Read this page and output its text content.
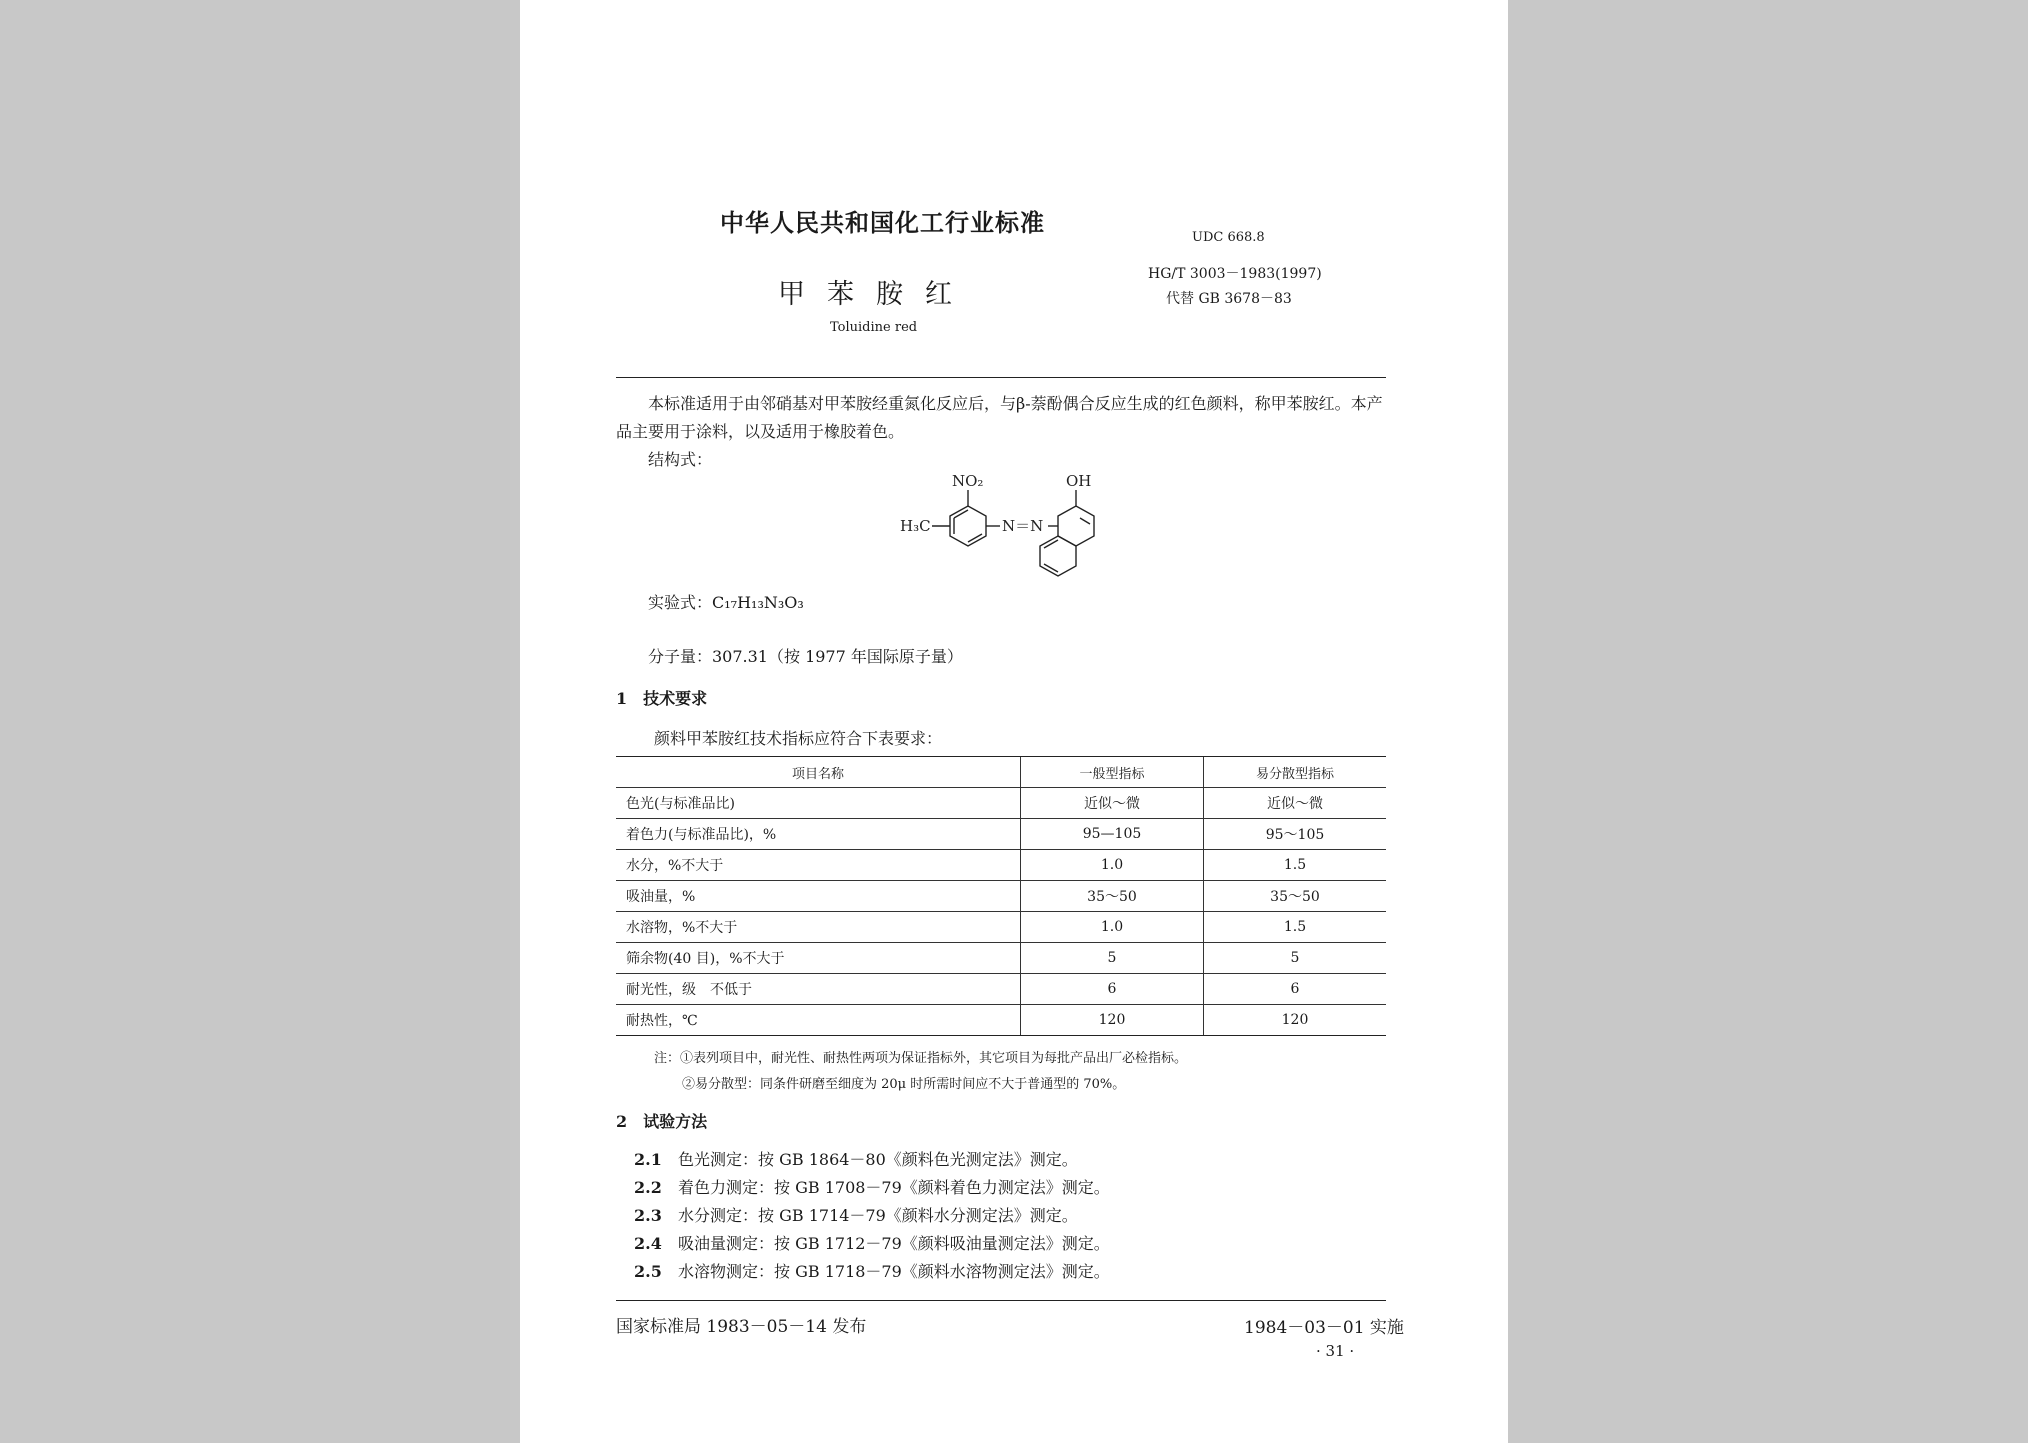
中华人民共和国化工行业标准
UDC 668.8
HG/T 3003－1983(1997)
代替 GB 3678－83
甲苯胺红
Toluidine red
本标准适用于由邻硝基对甲苯胺经重氮化反应后，与β-萘酚偶合反应生成的红色颜料，称甲苯胺红。本产品主要用于涂料，以及适用于橡胶着色。
结构式：
NO₂	OH
H₃C	N＝N
实验式：C₁₇H₁₃N₃O₃
分子量：307.31（按 1977 年国际原子量）
1　技术要求
颜料甲苯胺红技术指标应符合下表要求：
项目名称	一般型指标	易分散型指标
色光(与标准品比)	近似～微	近似～微
着色力(与标准品比)，%	95—105	95～105
水分，%不大于	1.0	1.5
吸油量，%	35～50	35～50
水溶物，%不大于	1.0	1.5
筛余物(40 目)，%不大于	5	5
耐光性，级　不低于	6	6
耐热性，℃	120	120
注：①表列项目中，耐光性、耐热性两项为保证指标外，其它项目为每批产品出厂必检指标。
②易分散型：同条件研磨至细度为 20μ 时所需时间应不大于普通型的 70%。
2　试验方法
2.1 色光测定：按 GB 1864－80《颜料色光测定法》测定。
2.2 着色力测定：按 GB 1708－79《颜料着色力测定法》测定。
2.3 水分测定：按 GB 1714－79《颜料水分测定法》测定。
2.4 吸油量测定：按 GB 1712－79《颜料吸油量测定法》测定。
2.5 水溶物测定：按 GB 1718－79《颜料水溶物测定法》测定。
国家标准局 1983－05－14 发布	1984－03－01 实施
· 31 ·
